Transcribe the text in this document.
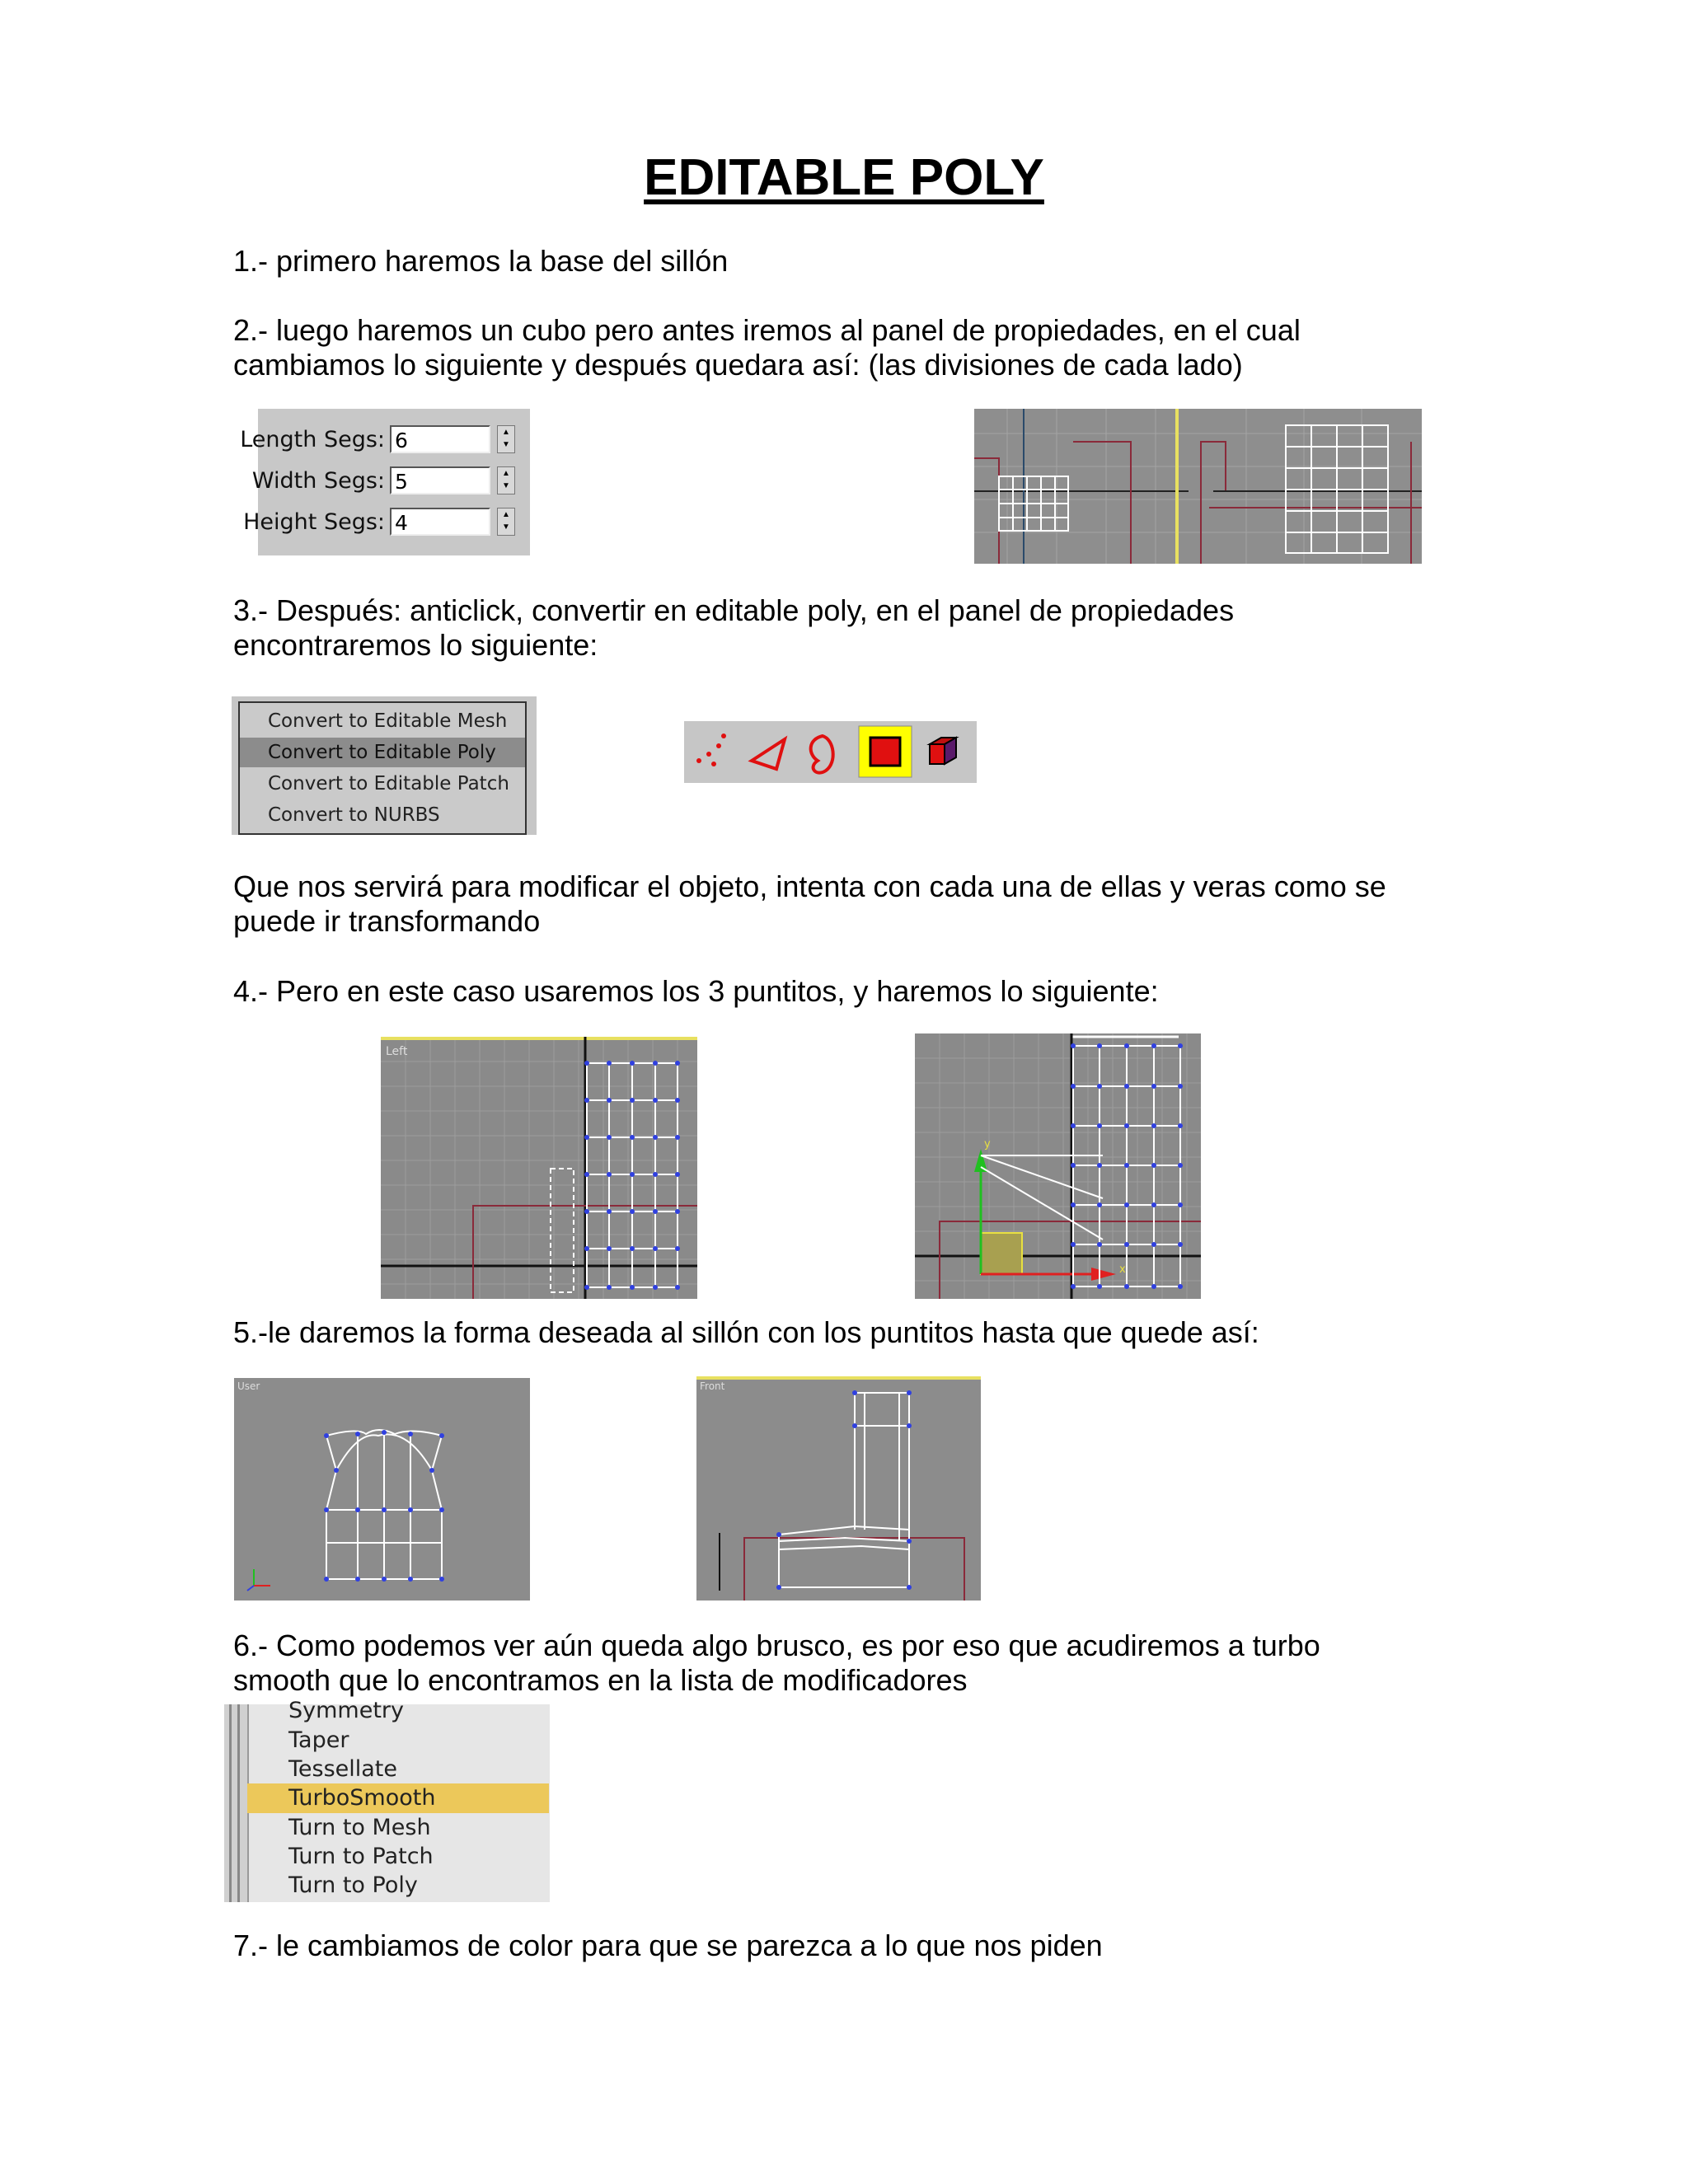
EDITABLE POLY
1.- primero haremos la base del sillón
2.- luego haremos un cubo pero antes iremos al panel de propiedades, en el cual
cambiamos lo siguiente y después quedara así: (las divisiones de cada lado)
Length Segs: 6	▲
▼
Width Segs: 5	▲
▼
Height Segs: 4	▲
▼
3.- Después: anticlick, convertir en editable poly, en el panel de propiedades
encontraremos lo siguiente:
Convert to Editable Mesh
Convert to Editable Poly
Convert to Editable Patch
Convert to NURBS
Que nos servirá para modificar el objeto, intenta con cada una de ellas y veras como se
puede ir transformando
4.- Pero en este caso usaremos los 3 puntitos, y haremos lo siguiente:
Left
y
x
5.-le daremos la forma deseada al sillón con los puntitos hasta que quede así:
User	Front
6.- Como podemos ver aún queda algo brusco, es por eso que acudiremos a turbo
smooth que lo encontramos en la lista de modificadores
Symmetry
Taper
Tessellate
TurboSmooth
Turn to Mesh
Turn to Patch
Turn to Poly
7.- le cambiamos de color para que se parezca a lo que nos piden
